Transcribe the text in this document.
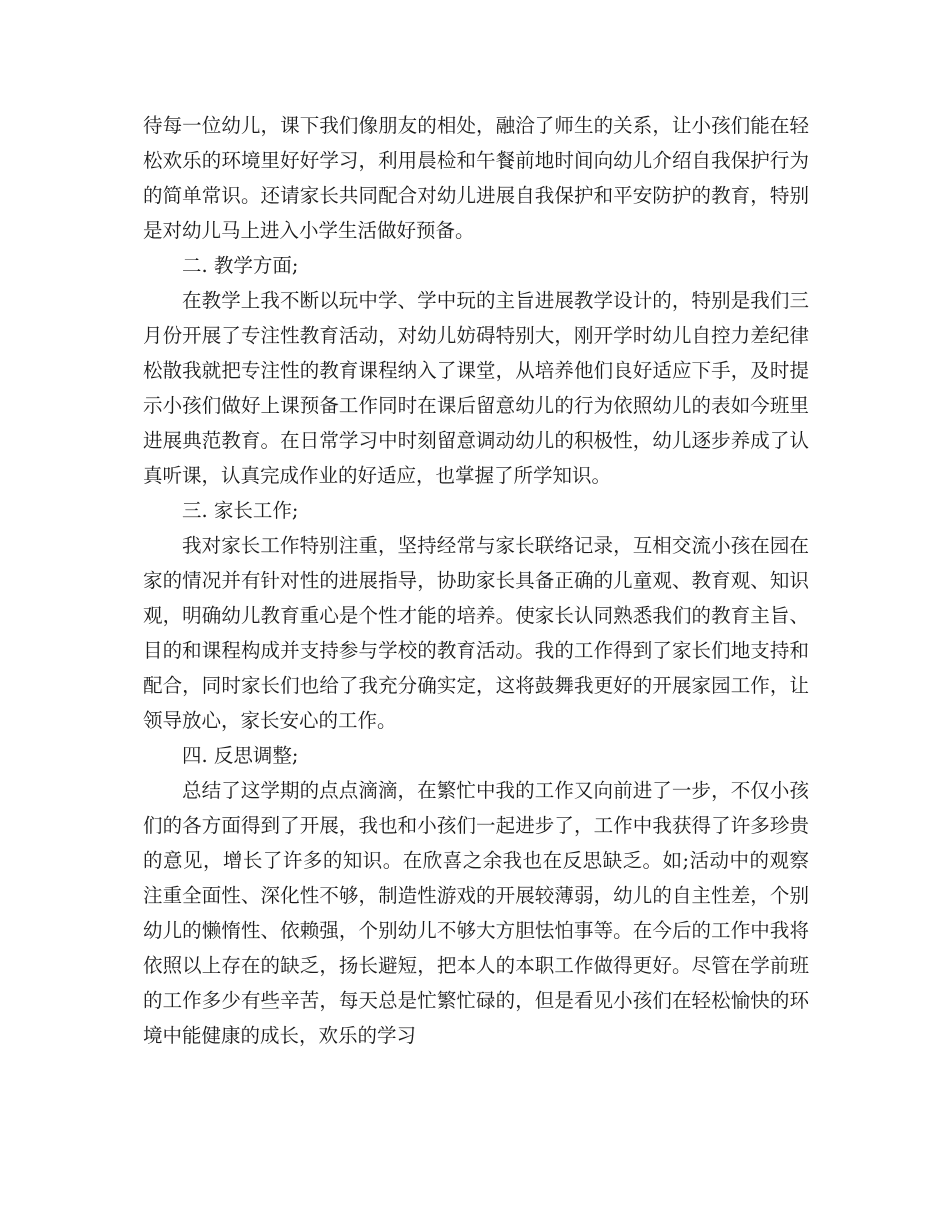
待每一位幼儿，课下我们像朋友的相处，融洽了师生的关系，让小孩们能在轻松欢乐的环境里好好学习，利用晨检和午餐前地时间向幼儿介绍自我保护行为的简单常识。还请家长共同配合对幼儿进展自我保护和平安防护的教育，特别是对幼儿马上进入小学生活做好预备。

二. 教学方面;

在教学上我不断以玩中学、学中玩的主旨进展教学设计的，特别是我们三月份开展了专注性教育活动，对幼儿妨碍特别大，刚开学时幼儿自控力差纪律松散我就把专注性的教育课程纳入了课堂，从培养他们良好适应下手，及时提示小孩们做好上课预备工作同时在课后留意幼儿的行为依照幼儿的表如今班里进展典范教育。在日常学习中时刻留意调动幼儿的积极性，幼儿逐步养成了认真听课，认真完成作业的好适应，也掌握了所学知识。

三. 家长工作;

我对家长工作特别注重，坚持经常与家长联络记录，互相交流小孩在园在家的情况并有针对性的进展指导，协助家长具备正确的儿童观、教育观、知识观，明确幼儿教育重心是个性才能的培养。使家长认同熟悉我们的教育主旨、目的和课程构成并支持参与学校的教育活动。我的工作得到了家长们地支持和配合，同时家长们也给了我充分确实定，这将鼓舞我更好的开展家园工作，让领导放心，家长安心的工作。

四. 反思调整;

总结了这学期的点点滴滴，在繁忙中我的工作又向前进了一步，不仅小孩们的各方面得到了开展，我也和小孩们一起进步了，工作中我获得了许多珍贵的意见，增长了许多的知识。在欣喜之余我也在反思缺乏。如;活动中的观察注重全面性、深化性不够，制造性游戏的开展较薄弱，幼儿的自主性差，个别幼儿的懒惰性、依赖强，个别幼儿不够大方胆怯怕事等。在今后的工作中我将依照以上存在的缺乏，扬长避短，把本人的本职工作做得更好。尽管在学前班的工作多少有些辛苦，每天总是忙繁忙碌的，但是看见小孩们在轻松愉快的环境中能健康的成长，欢乐的学习
